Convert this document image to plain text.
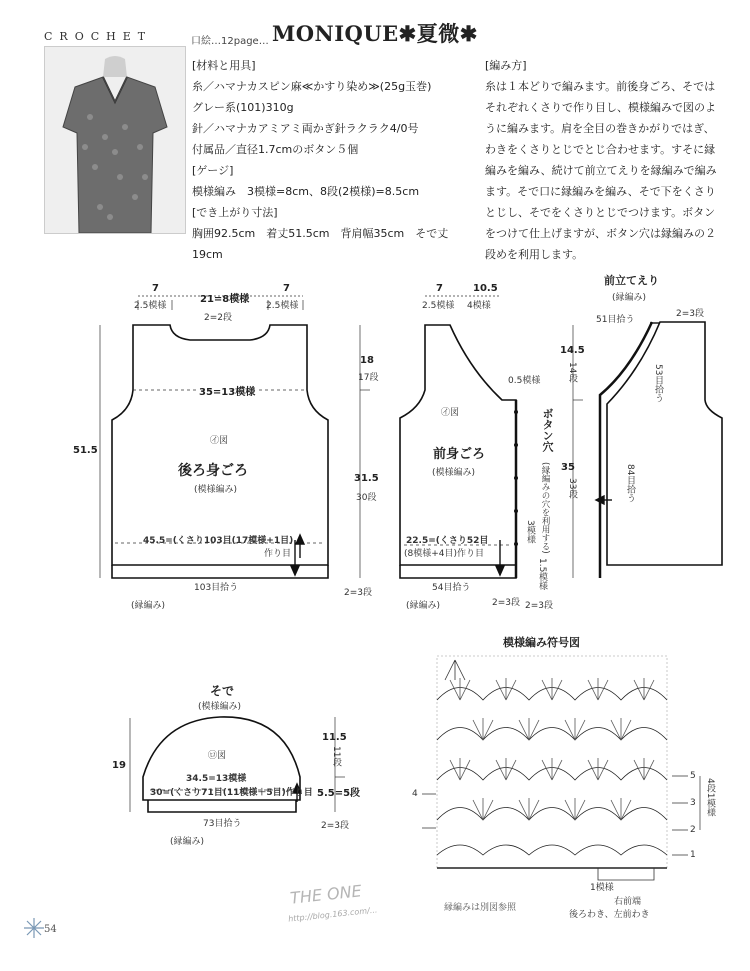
CROCHET	口絵…12page… MONIQUE✱夏微✱
[材料と用具]
糸／ハマナカスピン麻≪かすり染め≫(25g玉巻)
グレー系(101)310g
針／ハマナカアミアミ両かぎ針ラクラク4/0号
付属品／直径1.7cmのボタン５個
[ゲージ]
模様編み　3模様=8cm、8段(2模様)=8.5cm
[でき上がり寸法]
胸囲92.5cm　着丈51.5cm　背肩幅35cm　そで丈
19cm
[編み方]
糸は１本どりで編みます。前後身ごろ、そではそれぞれくさりで作り目し、模様編みで図のように編みます。肩を全目の巻きかがりではぎ、わきをくさりとじでとじ合わせます。すそに縁編みを編み、続けて前立てえりを縁編みで編みます。そで口に縁編みを編み、そで下をくさりとじし、そでをくさりとじでつけます。ボタンをつけて仕上げますが、ボタン穴は縁編みの２段めを利用します。
7
2.5模様
21=8模様
7
2.5模様
2=2段
35=13模様
㋑図
後ろ身ごろ
(模様編み)
45.5=(くさり103目(17模様+1目)
作り目
103目拾う
(縁編み)
51.5
18
17段
31.5
30段
2=3段
7
2.5模様
10.5
4模様
0.5模様
㋑図
前身ごろ
(模様編み)
ボタン穴
(縁編みの穴を利用する)
3模様
22.5=(くさり52目
(8模様+4目)作り目
54目拾う
(縁編み)	2=3段
14.5
14段
35
33段
1.5模様
2=3段
前立てえり
(縁編み)
51目拾う
2=3段
53目拾う
84目拾う
そで
(模様編み)
㋺図
19
34.5=13模様
30=(くさり71目(11模様＋5目)作り目
73目拾う
(縁編み)
11.5
11段
5.5=5段
2=3段
模様編み符号図
5
3
2
1
4	4段1模様
1模様
右前端
後ろわき、左前わき
縁編みは別図参照
54
THE ONE
http://blog.163.com/...
